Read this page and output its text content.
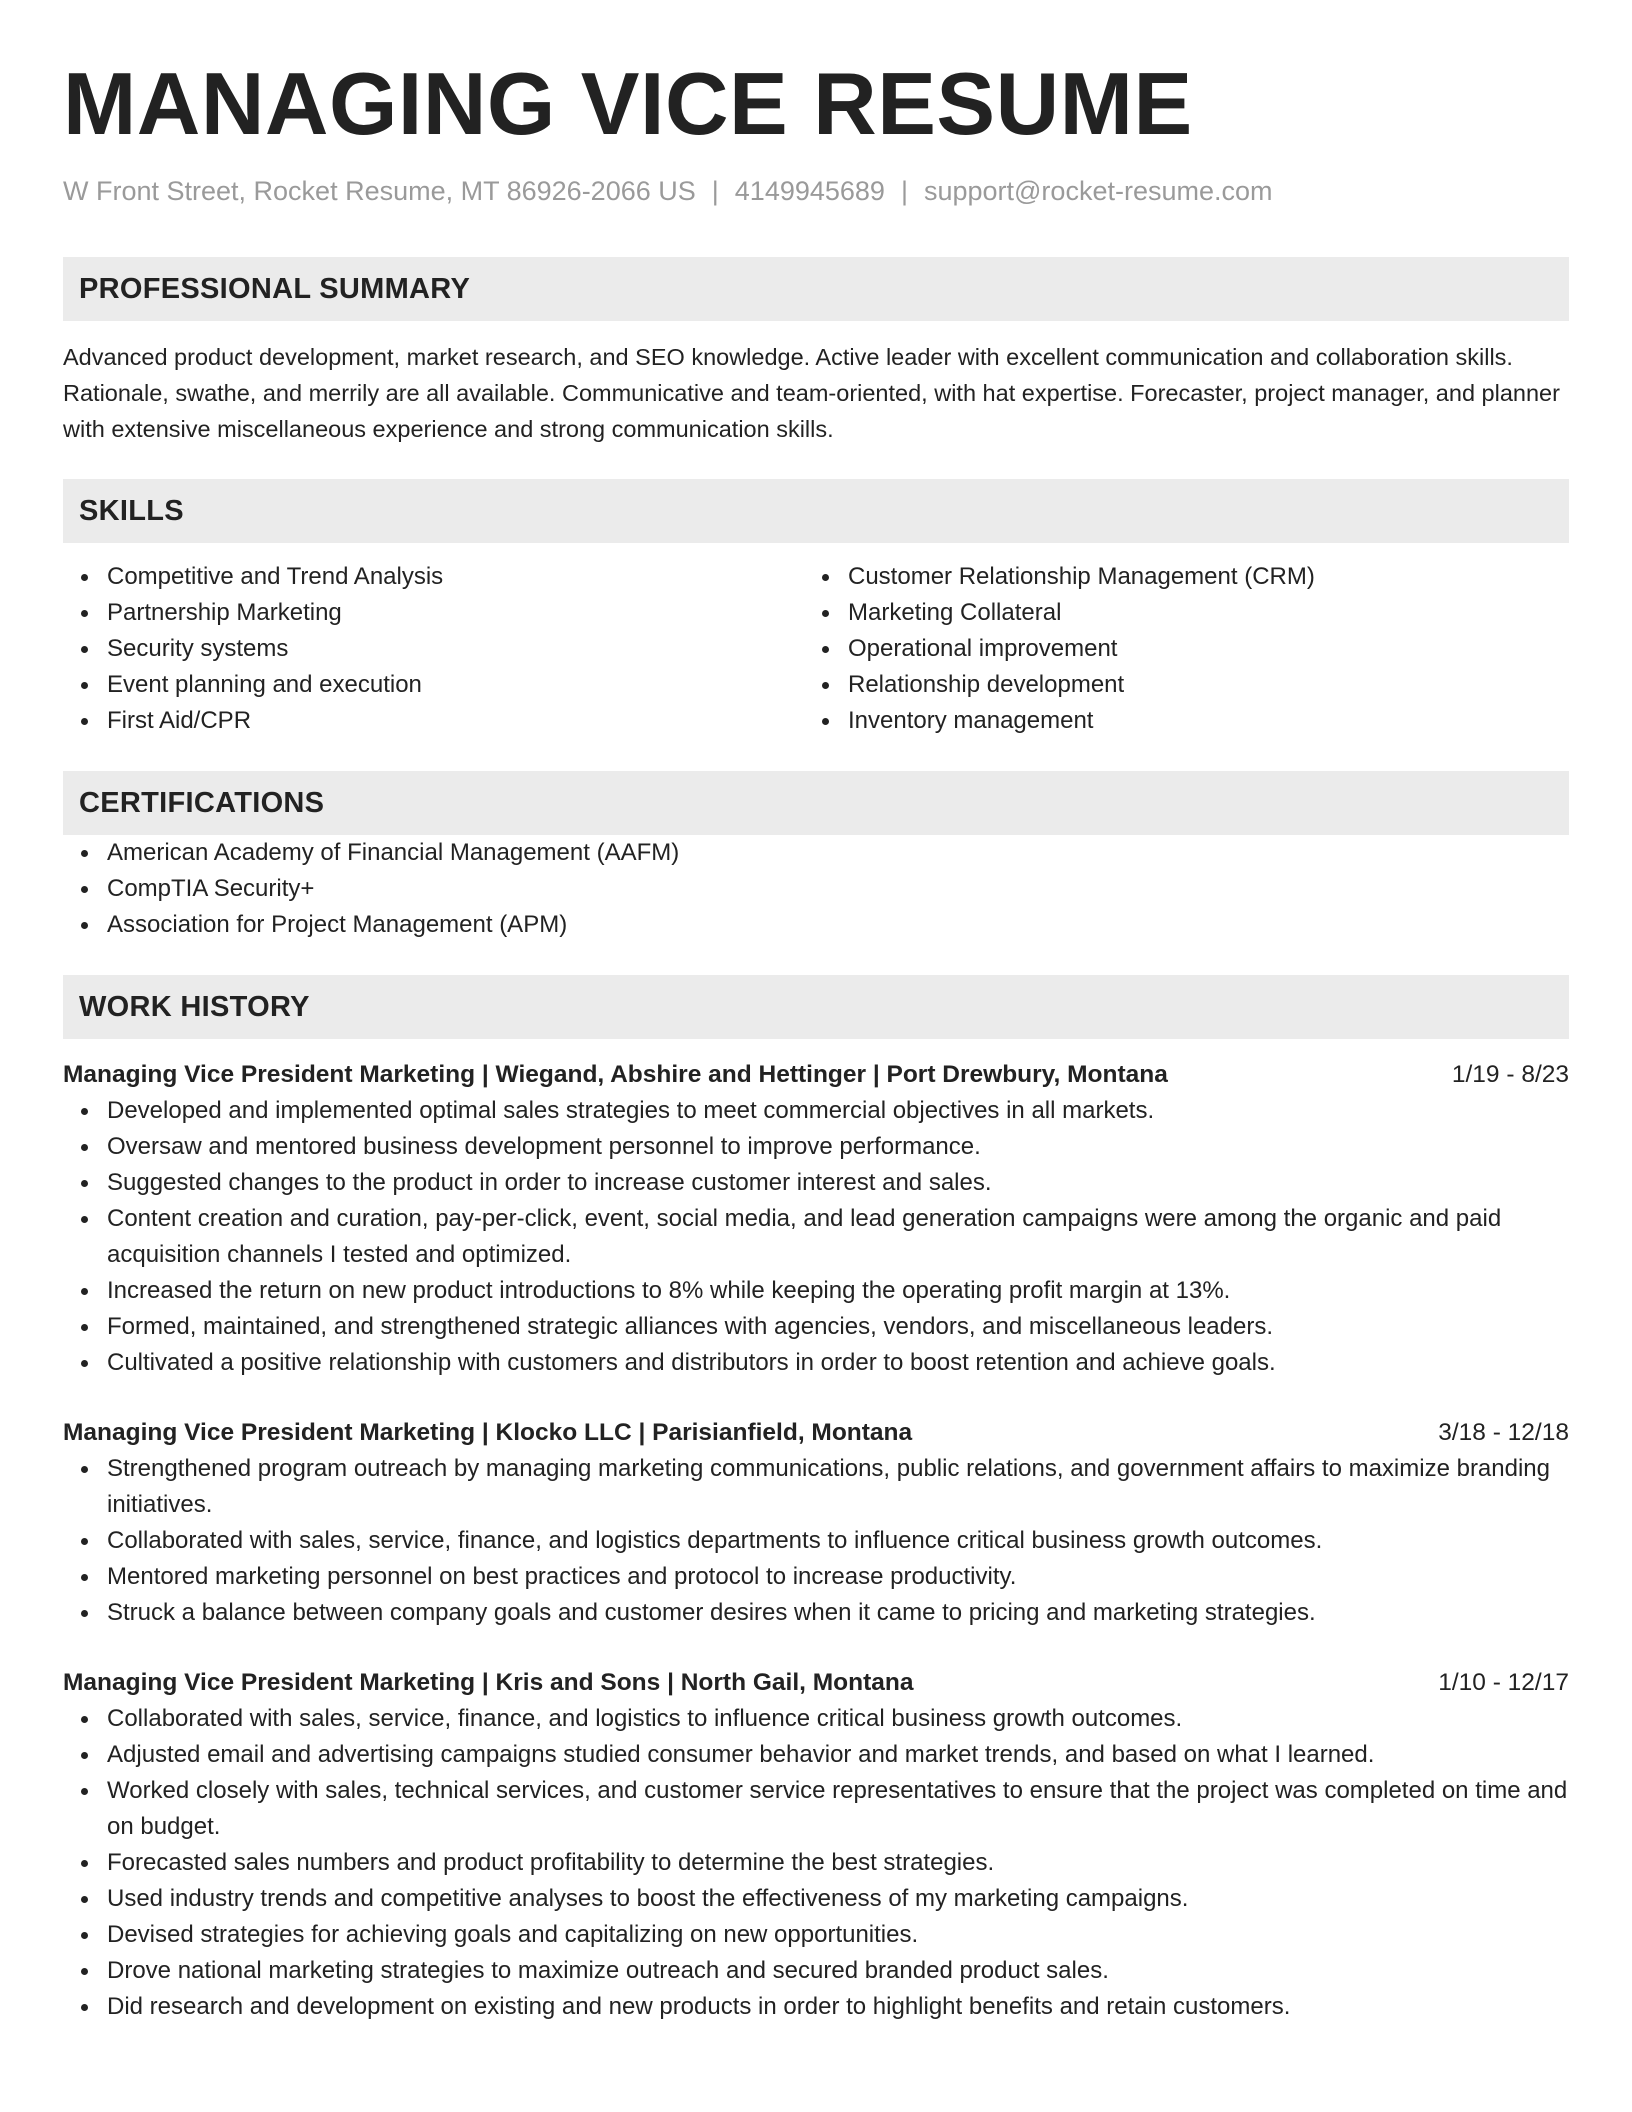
MANAGING VICE RESUME
W Front Street, Rocket Resume, MT 86926-2066 US | 4149945689 | support@rocket-resume.com
PROFESSIONAL SUMMARY
Advanced product development, market research, and SEO knowledge. Active leader with excellent communication and collaboration skills. Rationale, swathe, and merrily are all available. Communicative and team-oriented, with hat expertise. Forecaster, project manager, and planner with extensive miscellaneous experience and strong communication skills.
SKILLS
Competitive and Trend Analysis
Partnership Marketing
Security systems
Event planning and execution
First Aid/CPR
Customer Relationship Management (CRM)
Marketing Collateral
Operational improvement
Relationship development
Inventory management
CERTIFICATIONS
American Academy of Financial Management (AAFM)
CompTIA Security+
Association for Project Management (APM)
WORK HISTORY
Managing Vice President Marketing | Wiegand, Abshire and Hettinger | Port Drewbury, Montana	1/19 - 8/23
Developed and implemented optimal sales strategies to meet commercial objectives in all markets.
Oversaw and mentored business development personnel to improve performance.
Suggested changes to the product in order to increase customer interest and sales.
Content creation and curation, pay-per-click, event, social media, and lead generation campaigns were among the organic and paid acquisition channels I tested and optimized.
Increased the return on new product introductions to 8% while keeping the operating profit margin at 13%.
Formed, maintained, and strengthened strategic alliances with agencies, vendors, and miscellaneous leaders.
Cultivated a positive relationship with customers and distributors in order to boost retention and achieve goals.
Managing Vice President Marketing | Klocko LLC | Parisianfield, Montana	3/18 - 12/18
Strengthened program outreach by managing marketing communications, public relations, and government affairs to maximize branding initiatives.
Collaborated with sales, service, finance, and logistics departments to influence critical business growth outcomes.
Mentored marketing personnel on best practices and protocol to increase productivity.
Struck a balance between company goals and customer desires when it came to pricing and marketing strategies.
Managing Vice President Marketing | Kris and Sons | North Gail, Montana	1/10 - 12/17
Collaborated with sales, service, finance, and logistics to influence critical business growth outcomes.
Adjusted email and advertising campaigns studied consumer behavior and market trends, and based on what I learned.
Worked closely with sales, technical services, and customer service representatives to ensure that the project was completed on time and on budget.
Forecasted sales numbers and product profitability to determine the best strategies.
Used industry trends and competitive analyses to boost the effectiveness of my marketing campaigns.
Devised strategies for achieving goals and capitalizing on new opportunities.
Drove national marketing strategies to maximize outreach and secured branded product sales.
Did research and development on existing and new products in order to highlight benefits and retain customers.
